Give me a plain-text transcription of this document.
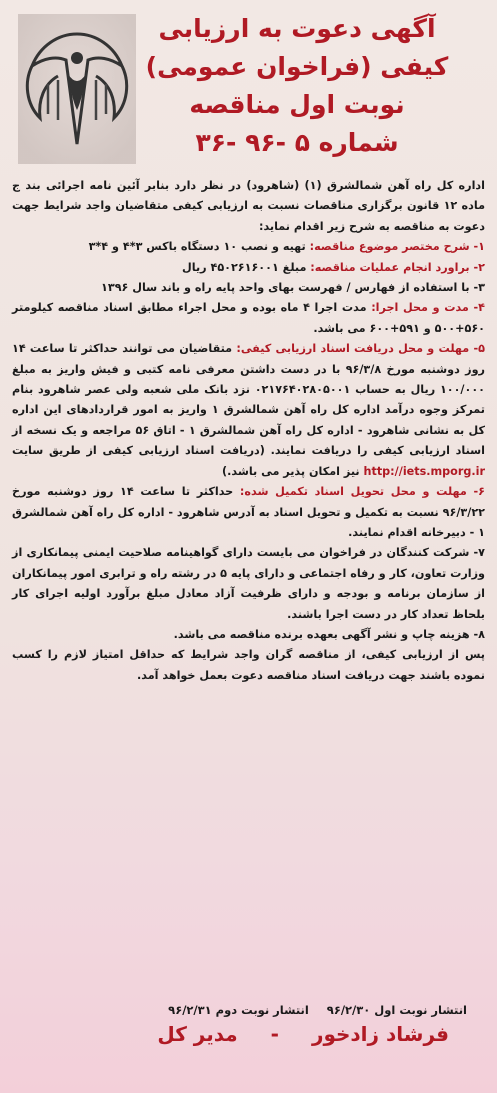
آگهی دعوت به ارزیابی
کیفی (فراخوان عمومی)
نوبت اول مناقصه
شماره ۵ -۹۶ -۳۶

اداره کل راه آهن شمالشرق (۱) (شاهرود) در نظر دارد بنابر آئین نامه اجرائی بند ج ماده ۱۲ قانون برگزاری مناقصات نسبت به ارزیابی کیفی متقاضیان واجد شرایط جهت دعوت به مناقصه به شرح زیر اقدام نماید:

۱- شرح مختصر موضوع مناقصه: تهیه و نصب ۱۰ دستگاه باکس ۳*۴ و ۴*۳

۲- براورد انجام عملیات مناقصه: مبلغ ۴۵۰۲۶۱۶۰۰۱ ریال

۳- با استفاده از فهارس / فهرست بهای واحد پایه راه و باند سال ۱۳۹۶

۴- مدت و محل اجرا: مدت اجرا ۴ ماه بوده و محل اجراء مطابق اسناد مناقصه کیلومتر ۵۶۰+۵۰۰ و ۵۹۱+۶۰۰ می باشد.

۵- مهلت و محل دریافت اسناد ارزیابی کیفی: متقاضیان می توانند حداکثر تا ساعت ۱۴ روز دوشنبه مورخ ۹۶/۳/۸ با در دست داشتن معرفی نامه کتبی و فیش واریز به مبلغ ۱۰۰/۰۰۰ ریال به حساب ۰۲۱۷۶۴۰۲۸۰۵۰۰۱ نزد بانک ملی شعبه ولی عصر شاهرود بنام تمرکز وجوه درآمد اداره کل راه آهن شمالشرق ۱ واریز به امور قراردادهای این اداره کل به نشانی شاهرود - اداره کل راه آهن شمالشرق ۱ - اتاق ۵۶ مراجعه و یک نسخه از اسناد ارزیابی کیفی را دریافت نمایند. (دریافت اسناد ارزیابی کیفی از طریق سایت http://iets.mporg.ir نیز امکان پذیر می باشد.)

۶- مهلت و محل تحویل اسناد تکمیل شده: حداکثر تا ساعت ۱۴ روز دوشنبه مورخ ۹۶/۳/۲۲ نسبت به تکمیل و تحویل اسناد به آدرس شاهرود - اداره کل راه آهن شمالشرق ۱ - دبیرخانه اقدام نمایند.

۷- شرکت کنندگان در فراخوان می بایست دارای گواهینامه صلاحیت ایمنی پیمانکاری از وزارت تعاون، کار و رفاه اجتماعی و دارای پایه ۵ در رشته راه و ترابری امور پیمانکاران از سازمان برنامه و بودجه و دارای ظرفیت آزاد معادل مبلغ برآورد اولیه اجرای کار بلحاظ تعداد کار در دست اجرا باشند.

۸- هزینه چاپ و نشر آگهی بعهده برنده مناقصه می باشد.

پس از ارزیابی کیفی، از مناقصه گران واجد شرایط که حداقل امتیاز لازم را کسب نموده باشند جهت دریافت اسناد مناقصه دعوت بعمل خواهد آمد.

انتشار نوبت اول ۹۶/۲/۳۰ انتشار نوبت دوم ۹۶/۲/۳۱
فرشاد زادخور - مدیر کل
